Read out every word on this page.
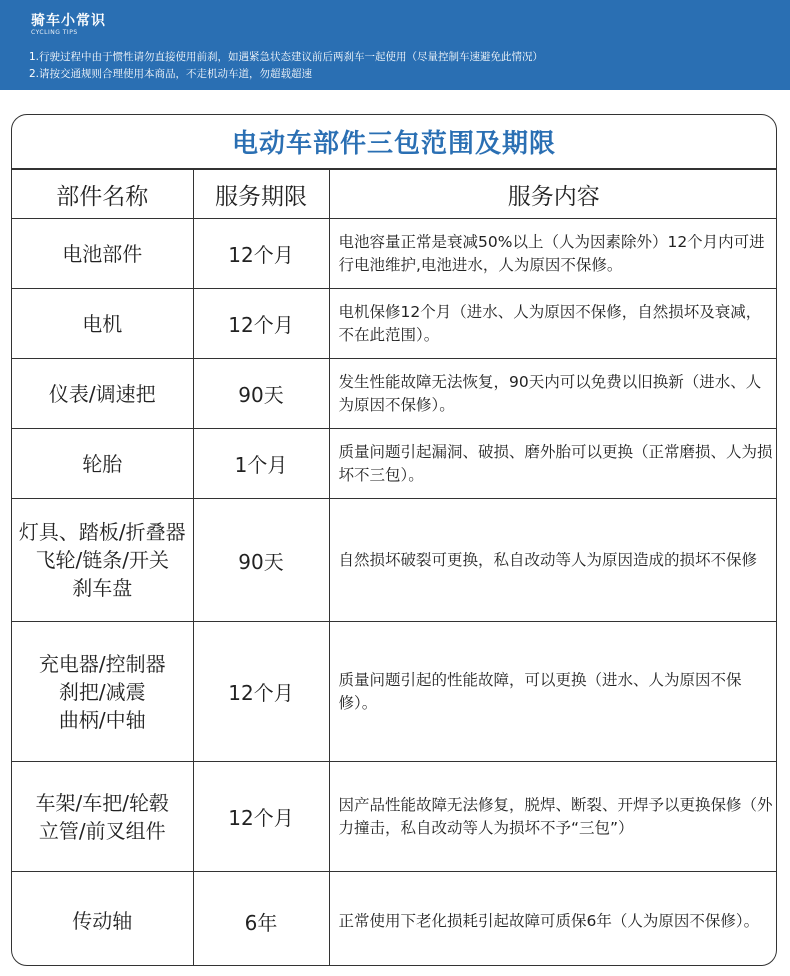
骑车小常识
CYCLING TIPS
1.行驶过程中由于惯性请勿直接使用前刹，如遇紧急状态建议前后两刹车一起使用（尽量控制车速避免此情况）
2.请按交通规则合理使用本商品，不走机动车道，勿超载超速
电动车部件三包范围及期限
部件名称	服务期限	服务内容

电池部件	12个月	电池容量正常是衰减50%以上（人为因素除外）12个月内可进行电池维护,电池进水，人为原因不保修。

电机	12个月	电机保修12个月（进水、人为原因不保修，自然损坏及衰减，不在此范围）。

仪表/调速把	90天	发生性能故障无法恢复，90天内可以免费以旧换新（进水、人为原因不保修）。

轮胎	1个月	质量问题引起漏洞、破损、磨外胎可以更换（正常磨损、人为损坏不三包）。

灯具、踏板/折叠器
飞轮/链条/开关
刹车盘	90天	自然损坏破裂可更换，私自改动等人为原因造成的损坏不保修

充电器/控制器
刹把/减震
曲柄/中轴	12个月	质量问题引起的性能故障，可以更换（进水、人为原因不保修）。

车架/车把/轮毂
立管/前叉组件	12个月	因产品性能故障无法修复，脱焊、断裂、开焊予以更换保修（外力撞击，私自改动等人为损坏不予“三包”）

传动轴	6年	正常使用下老化损耗引起故障可质保6年（人为原因不保修）。
